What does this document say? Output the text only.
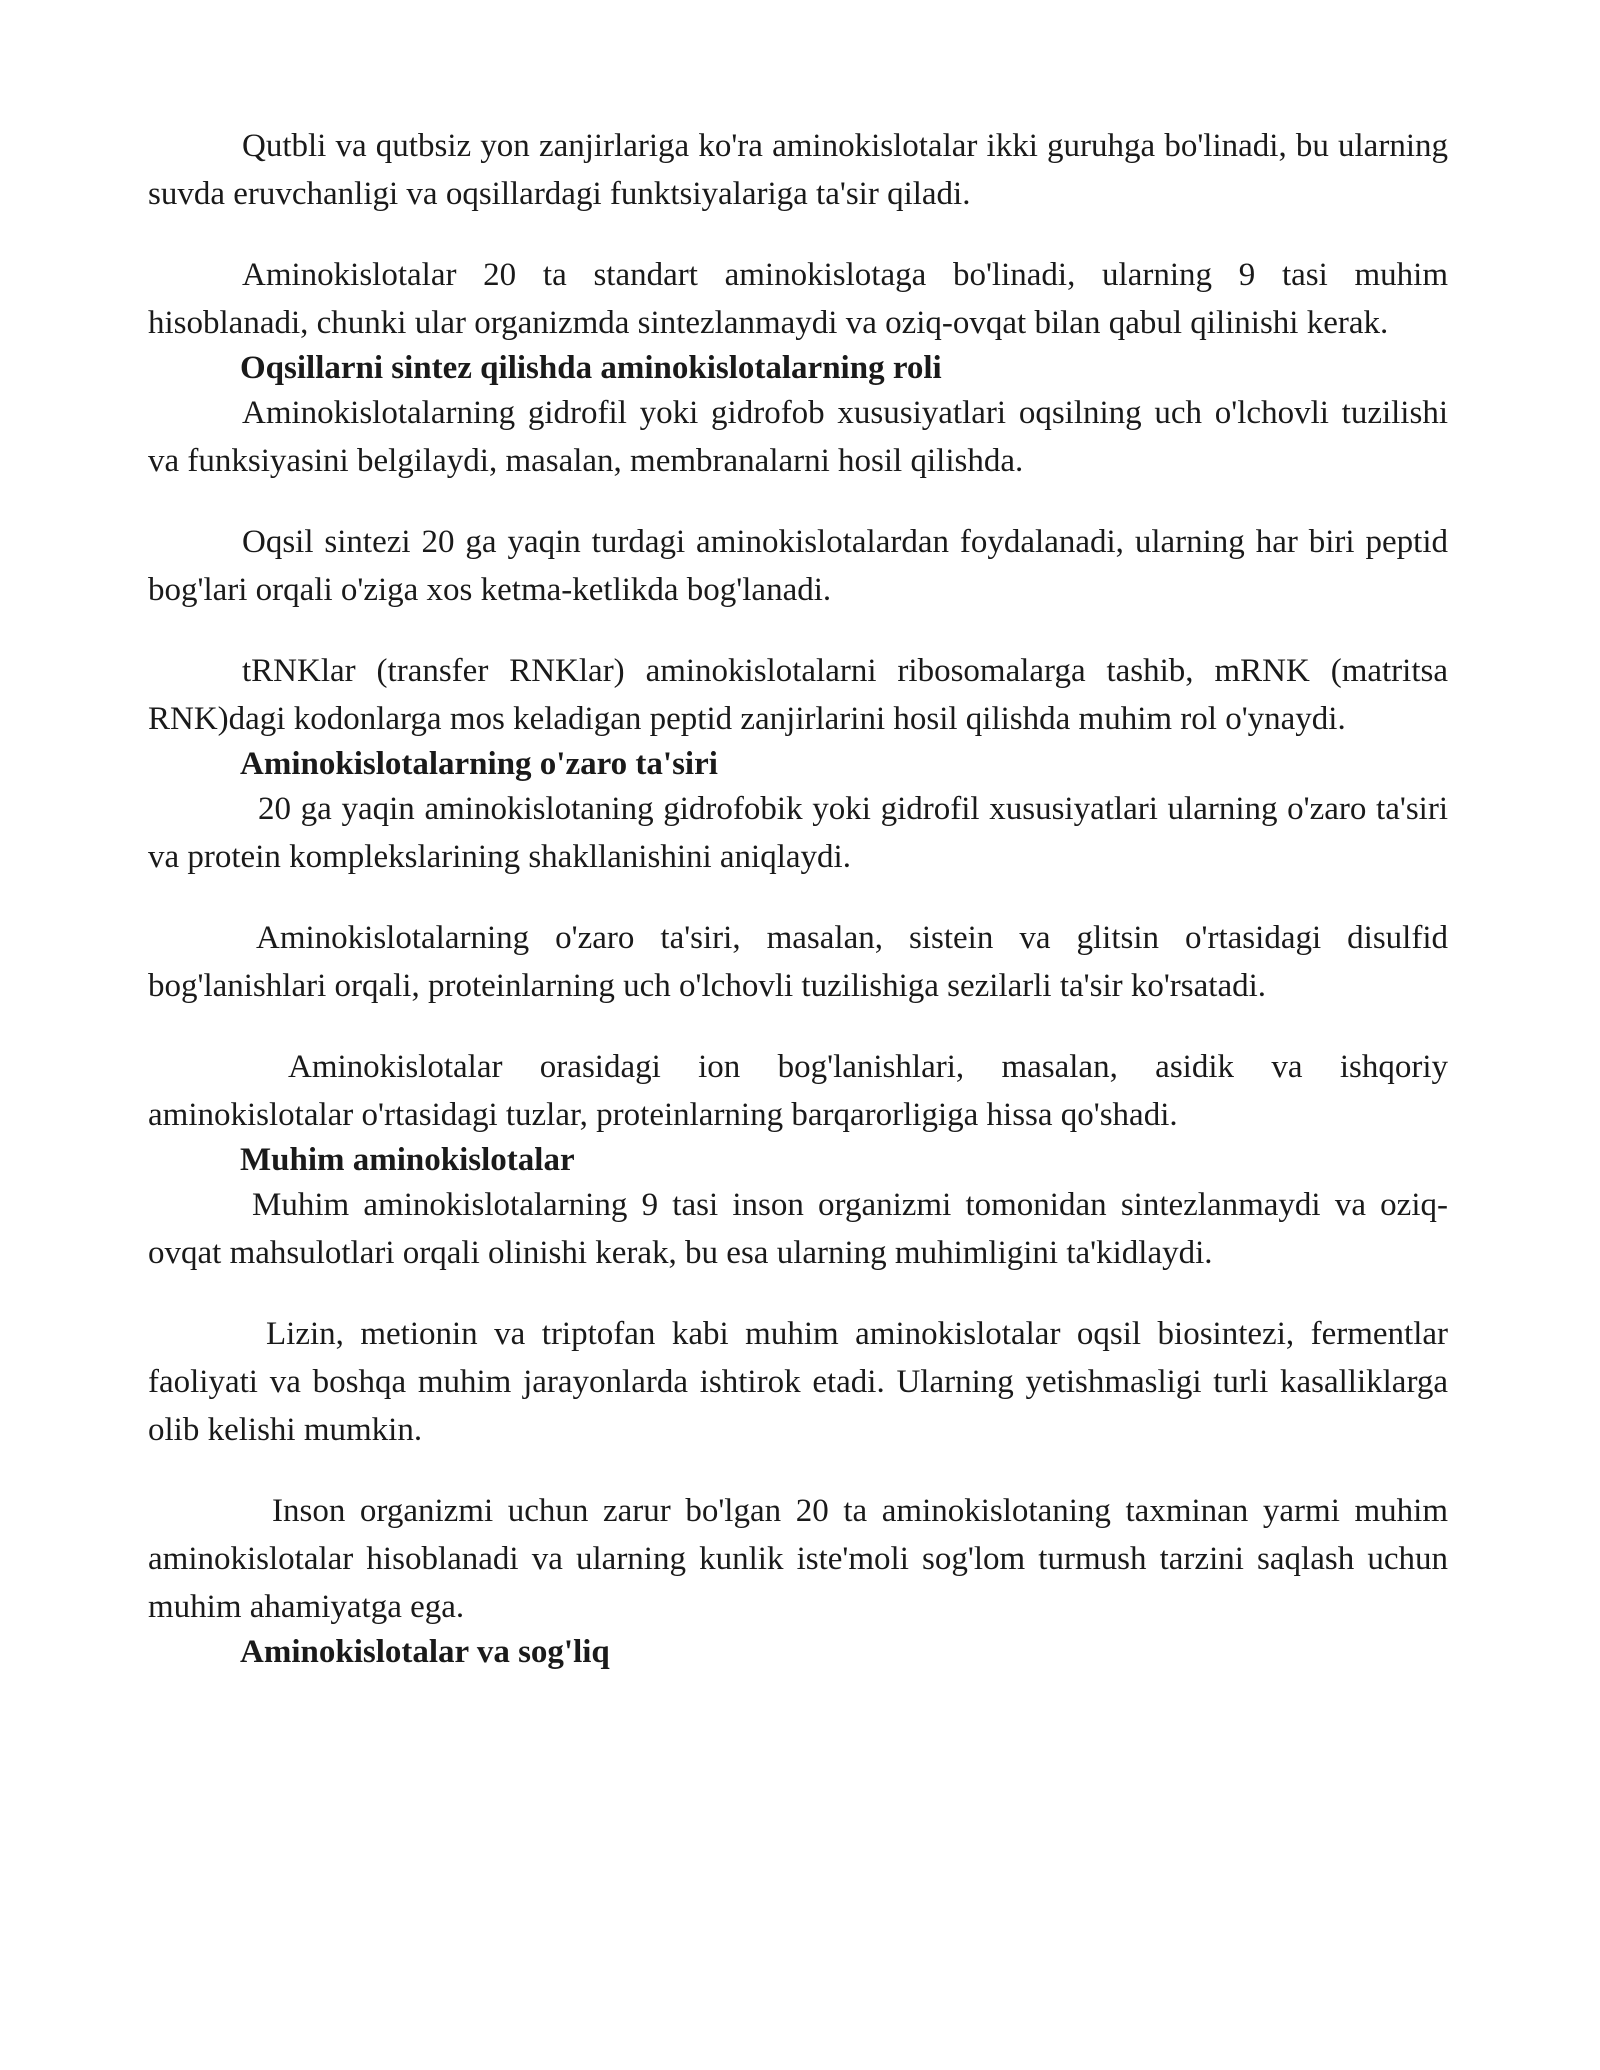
Qutbli va qutbsiz yon zanjirlariga ko'ra aminokislotalar ikki guruhga bo'linadi, bu ularning suvda eruvchanligi va oqsillardagi funktsiyalariga ta'sir qiladi.

Aminokislotalar 20 ta standart aminokislotaga bo'linadi, ularning 9 tasi muhim hisoblanadi, chunki ular organizmda sintezlanmaydi va oziq-ovqat bilan qabul qilinishi kerak.

Oqsillarni sintez qilishda aminokislotalarning roli

Aminokislotalarning gidrofil yoki gidrofob xususiyatlari oqsilning uch o'lchovli tuzilishi va funksiyasini belgilaydi, masalan, membranalarni hosil qilishda.

Oqsil sintezi 20 ga yaqin turdagi aminokislotalardan foydalanadi, ularning har biri peptid bog'lari orqali o'ziga xos ketma-ketlikda bog'lanadi.

tRNKlar (transfer RNKlar) aminokislotalarni ribosomalarga tashib, mRNK (matritsa RNK)dagi kodonlarga mos keladigan peptid zanjirlarini hosil qilishda muhim rol o'ynaydi.

Aminokislotalarning o'zaro ta'siri

20 ga yaqin aminokislotaning gidrofobik yoki gidrofil xususiyatlari ularning o'zaro ta'siri va protein komplekslarining shakllanishini aniqlaydi.

Aminokislotalarning o'zaro ta'siri, masalan, sistein va glitsin o'rtasidagi disulfid bog'lanishlari orqali, proteinlarning uch o'lchovli tuzilishiga sezilarli ta'sir ko'rsatadi.

Aminokislotalar orasidagi ion bog'lanishlari, masalan, asidik va ishqoriy aminokislotalar o'rtasidagi tuzlar, proteinlarning barqarorligiga hissa qo'shadi.

Muhim aminokislotalar

Muhim aminokislotalarning 9 tasi inson organizmi tomonidan sintezlanmaydi va oziq-ovqat mahsulotlari orqali olinishi kerak, bu esa ularning muhimligini ta'kidlaydi.

Lizin, metionin va triptofan kabi muhim aminokislotalar oqsil biosintezi, fermentlar faoliyati va boshqa muhim jarayonlarda ishtirok etadi. Ularning yetishmasligi turli kasalliklarga olib kelishi mumkin.

Inson organizmi uchun zarur bo'lgan 20 ta aminokislotaning taxminan yarmi muhim aminokislotalar hisoblanadi va ularning kunlik iste'moli sog'lom turmush tarzini saqlash uchun muhim ahamiyatga ega.

Aminokislotalar va sog'liq
